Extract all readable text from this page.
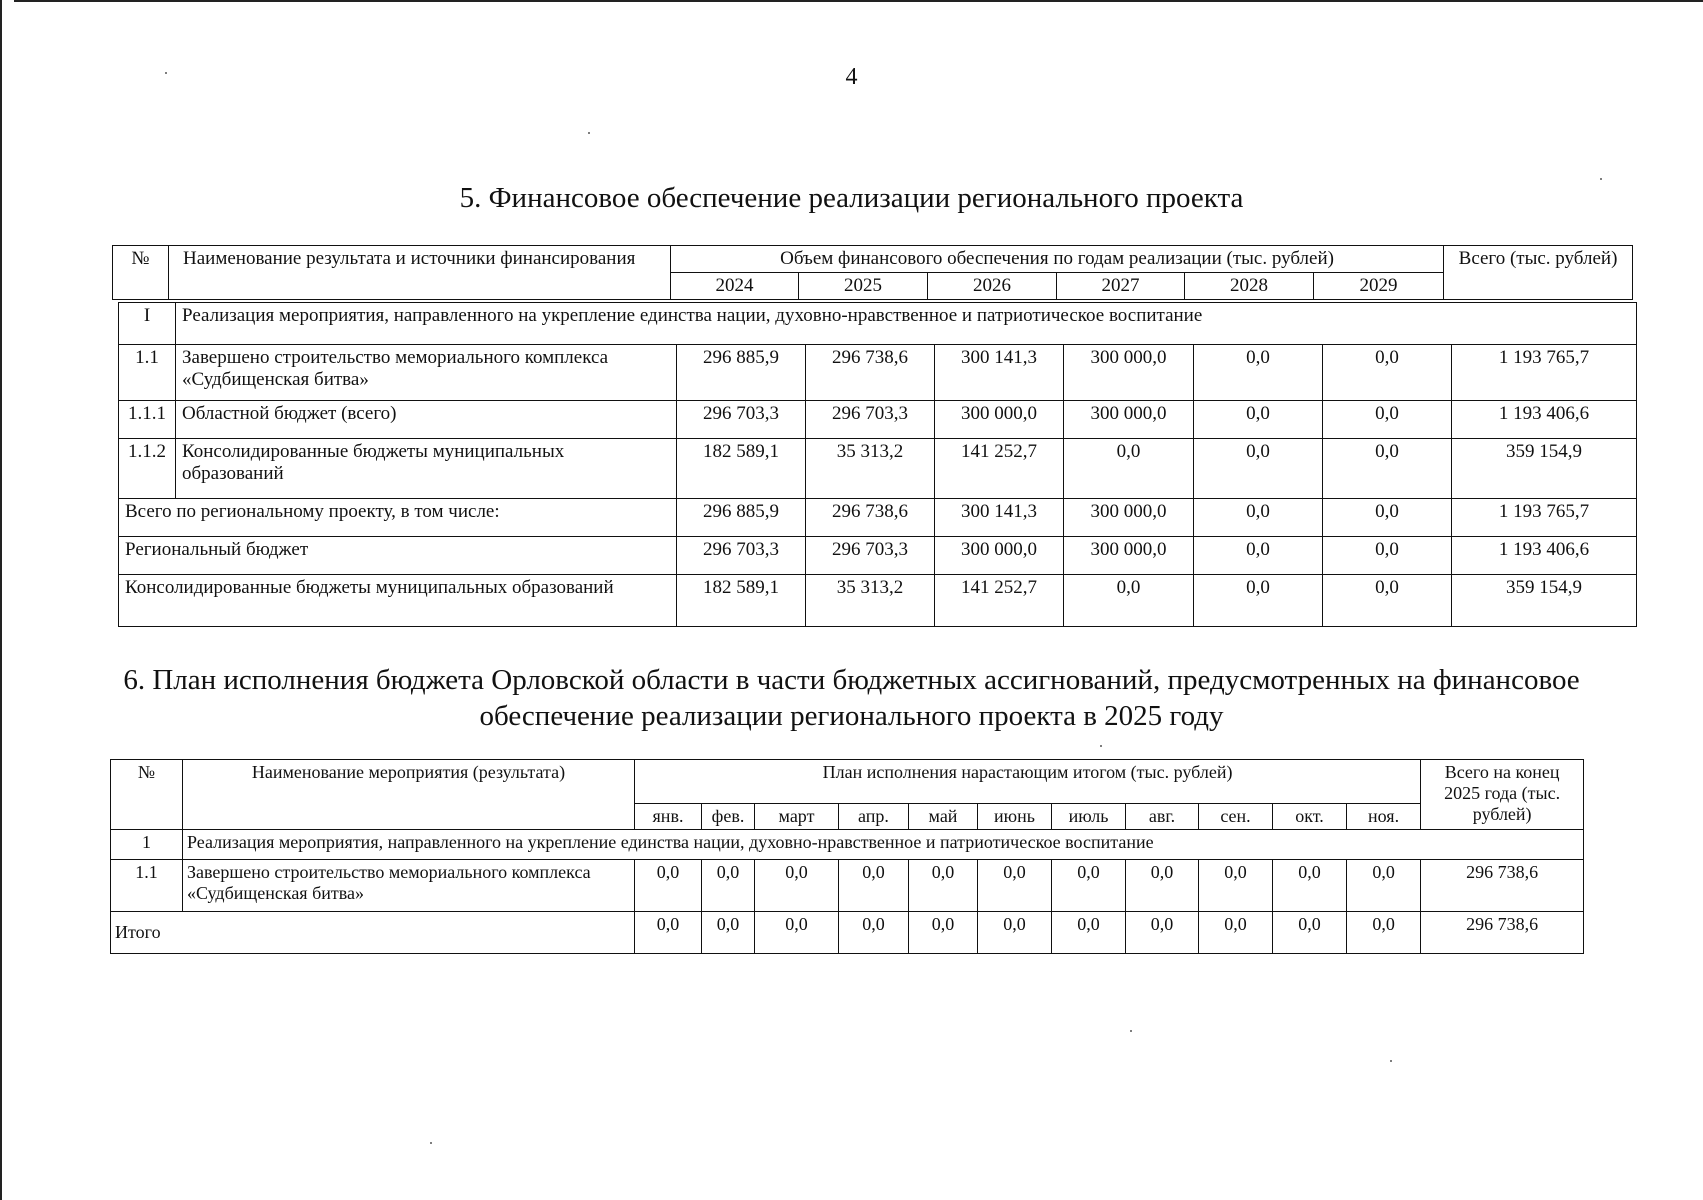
4
5. Финансовое обеспечение реализации регионального проекта
№	Наименование результата и источники финансирования	Объем финансового обеспечения по годам реализации (тыс. рублей)						Всего (тыс. рублей)
		2024	2025	2026	2027	2028	2029	
I	Реализация мероприятия, направленного на укрепление единства нации, духовно-нравственное и патриотическое воспитание							
1.1	Завершено строительство мемориального комплекса «Судбищенская битва»	296 885,9	296 738,6	300 141,3	300 000,0	0,0	0,0	1 193 765,7
1.1.1	Областной бюджет (всего)	296 703,3	296 703,3	300 000,0	300 000,0	0,0	0,0	1 193 406,6
1.1.2	Консолидированные бюджеты муниципальных образований	182 589,1	35 313,2	141 252,7	0,0	0,0	0,0	359 154,9
Всего по региональному проекту, в том числе:		296 885,9	296 738,6	300 141,3	300 000,0	0,0	0,0	1 193 765,7
Региональный бюджет		296 703,3	296 703,3	300 000,0	300 000,0	0,0	0,0	1 193 406,6
Консолидированные бюджеты муниципальных образований		182 589,1	35 313,2	141 252,7	0,0	0,0	0,0	359 154,9
6. План исполнения бюджета Орловской области в части бюджетных ассигнований, предусмотренных на финансовое
обеспечение реализации регионального проекта в 2025 году
№	Наименование мероприятия (результата)	План исполнения нарастающим итогом (тыс. рублей)											Всего на конец 2025 года (тыс. рублей)
		янв.	фев.	март	апр.	май	июнь	июль	авг.	сен.	окт.	ноя.	
1	Реализация мероприятия, направленного на укрепление единства нации, духовно-нравственное и патриотическое воспитание												
1.1	Завершено строительство мемориального комплекса «Судбищенская битва»	0,0	0,0	0,0	0,0	0,0	0,0	0,0	0,0	0,0	0,0	0,0	296 738,6
Итого		0,0	0,0	0,0	0,0	0,0	0,0	0,0	0,0	0,0	0,0	0,0	296 738,6
